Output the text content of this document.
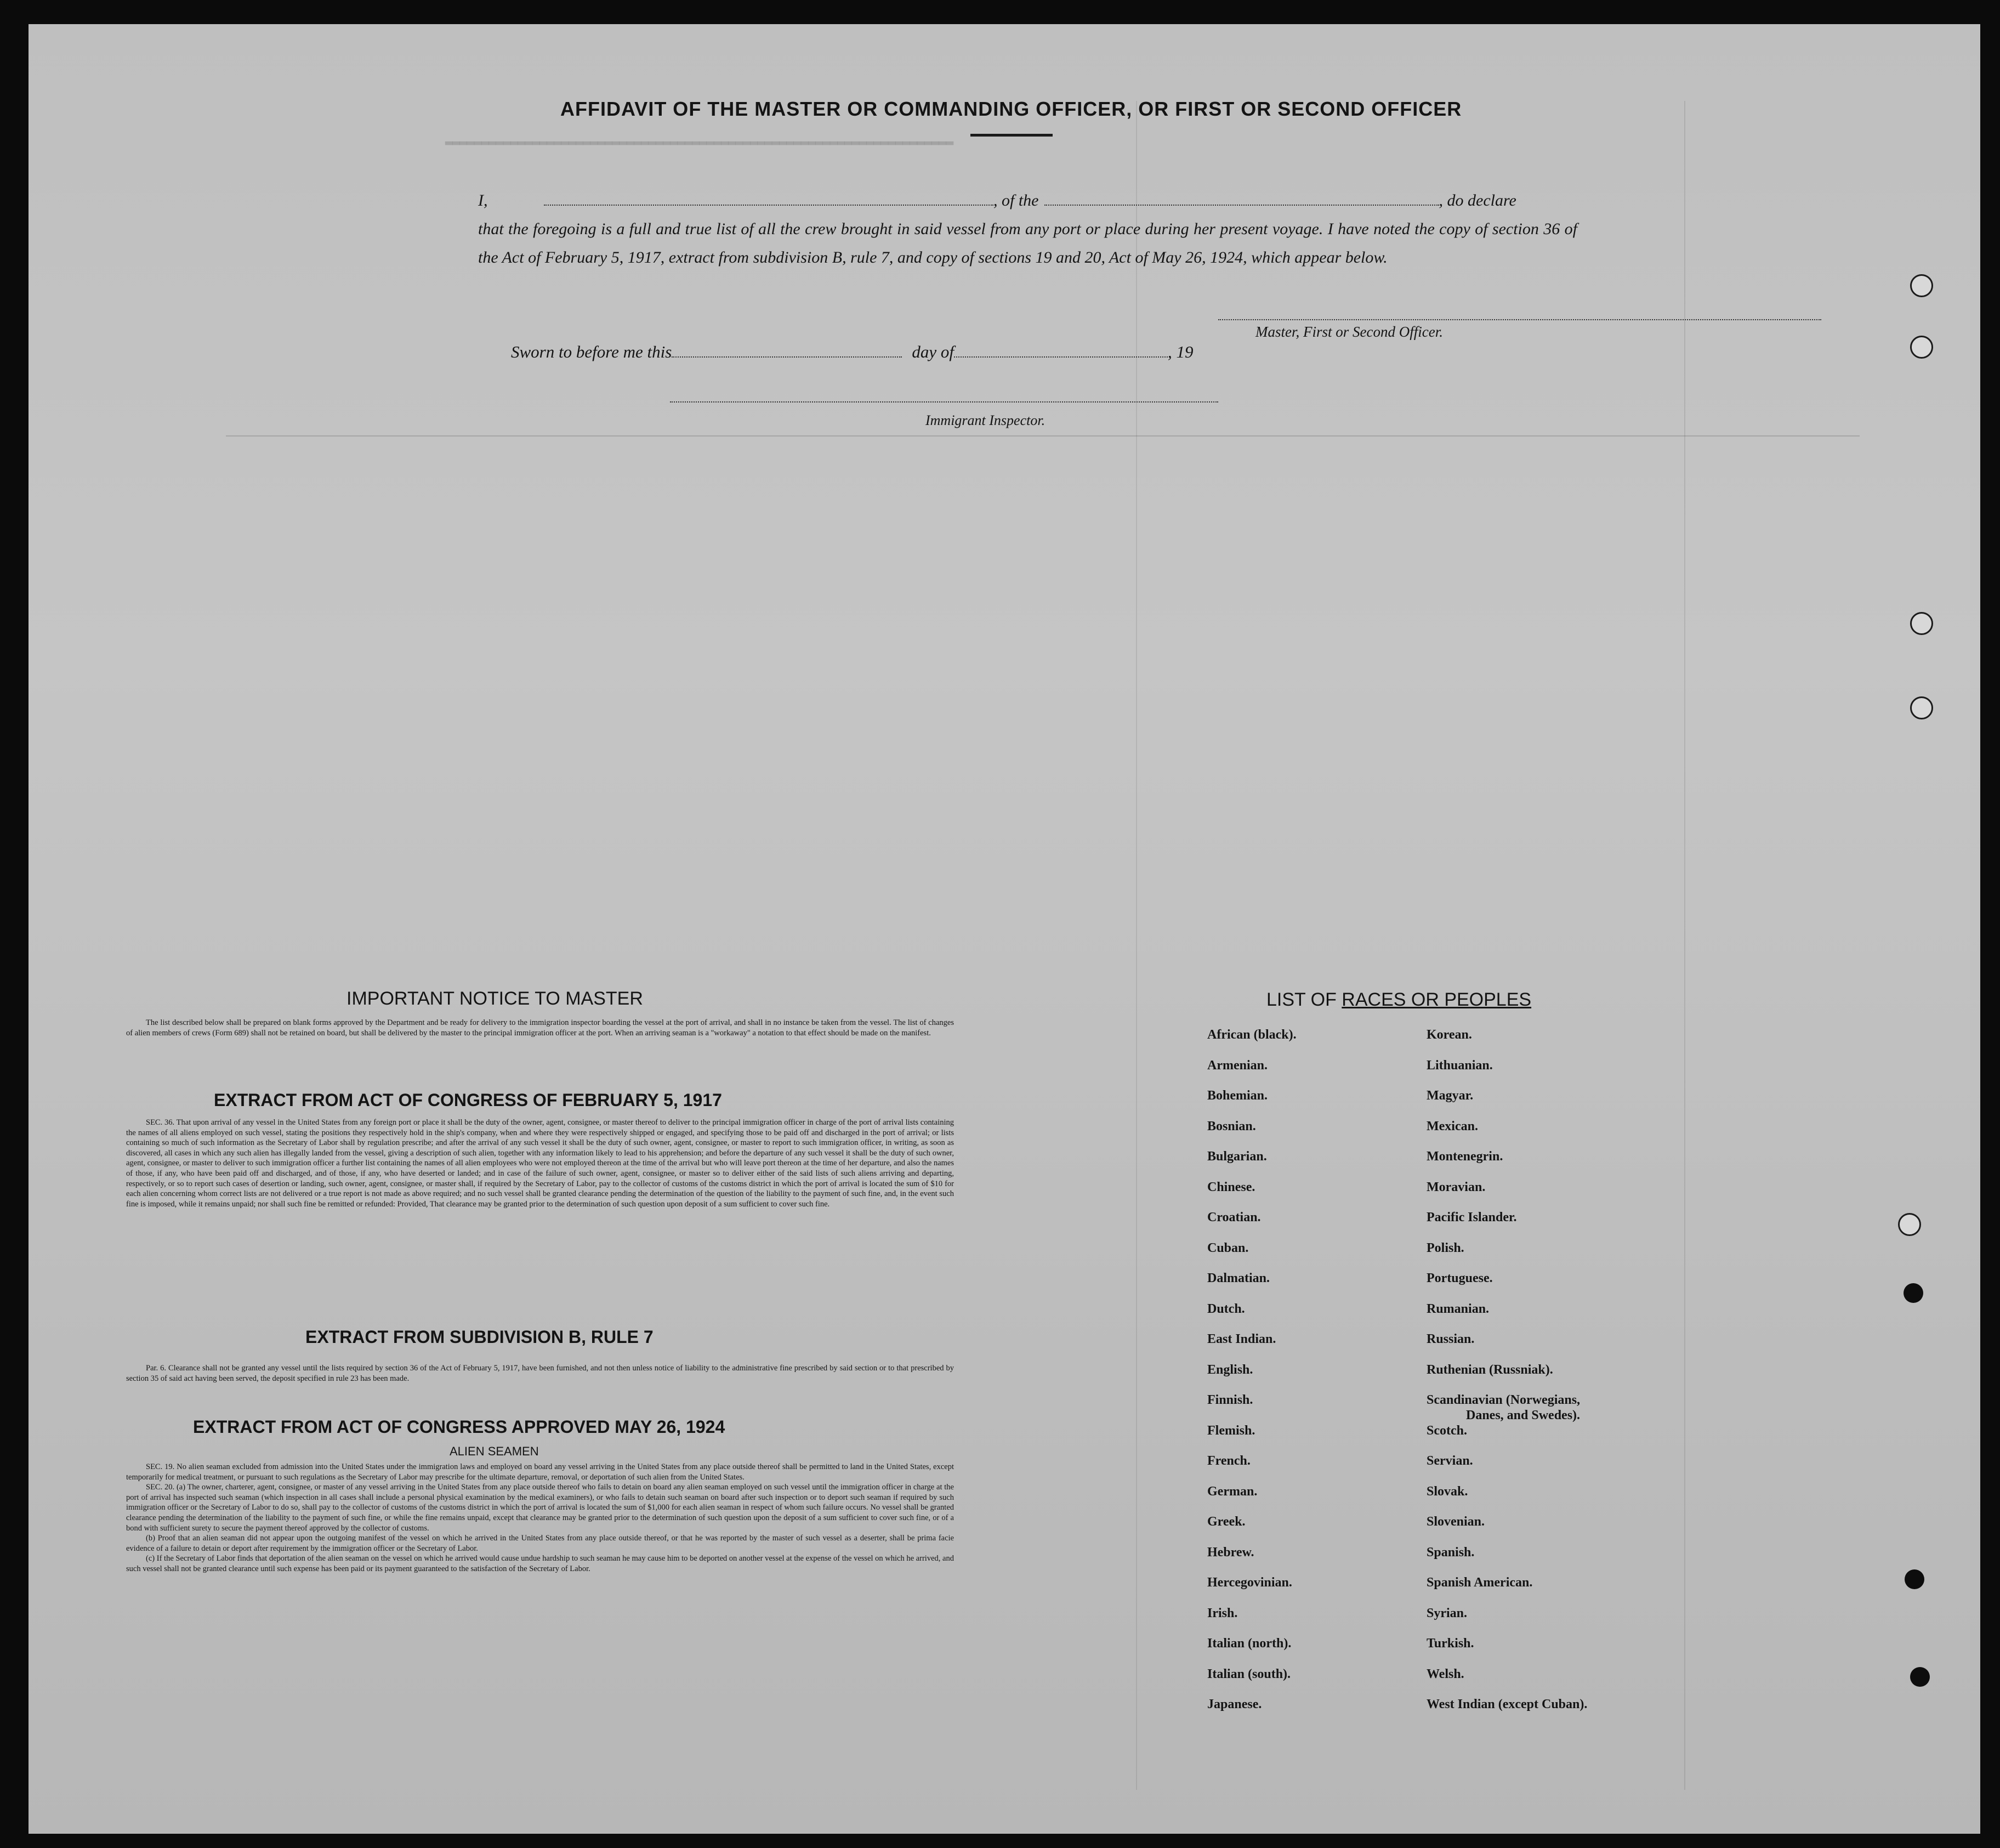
▂▂▂▂▂▂▂▂▂▂▂▂▂▂▂▂▂▂▂▂▂▂▂▂▂▂▂▂▂▂▂▂▂▂▂▂▂▂▂▂▂▂▂▂▂▂▂▂▂▂▂▂▂▂▂▂▂▂▂▂▂▂▂▂▂▂▂▂▂▂
AFFIDAVIT OF THE MASTER OR COMMANDING OFFICER, OR FIRST OR SECOND OFFICER
I,	, of the	, do declare
that the foregoing is a full and true list of all the crew brought in said vessel from any port or place during her present voyage. I have noted the copy of section 36 of the Act of February 5, 1917, extract from subdivision B, rule 7, and copy of sections 19 and 20, Act of May 26, 1924, which appear below.
Master, First or Second Officer.
Sworn to before me this	day of	, 19
Immigrant Inspector.
IMPORTANT NOTICE TO MASTER

The list described below shall be prepared on blank forms approved by the Department and be ready for delivery to the immigration inspector boarding the vessel at the port of arrival, and shall in no instance be taken from the vessel. The list of changes of alien members of crews (Form 689) shall not be retained on board, but shall be delivered by the master to the principal immigration officer at the port. When an arriving seaman is a "workaway" a notation to that effect should be made on the manifest.

EXTRACT FROM ACT OF CONGRESS OF FEBRUARY 5, 1917

SEC. 36. That upon arrival of any vessel in the United States from any foreign port or place it shall be the duty of the owner, agent, consignee, or master thereof to deliver to the principal immigration officer in charge of the port of arrival lists containing the names of all aliens employed on such vessel, stating the positions they respectively hold in the ship's company, when and where they were respectively shipped or engaged, and specifying those to be paid off and discharged in the port of arrival; or lists containing so much of such information as the Secretary of Labor shall by regulation prescribe; and after the arrival of any such vessel it shall be the duty of such owner, agent, consignee, or master to report to such immigration officer, in writing, as soon as discovered, all cases in which any such alien has illegally landed from the vessel, giving a description of such alien, together with any information likely to lead to his apprehension; and before the departure of any such vessel it shall be the duty of such owner, agent, consignee, or master to deliver to such immigration officer a further list containing the names of all alien employees who were not employed thereon at the time of the arrival but who will leave port thereon at the time of her departure, and also the names of those, if any, who have been paid off and discharged, and of those, if any, who have deserted or landed; and in case of the failure of such owner, agent, consignee, or master so to deliver either of the said lists of such aliens arriving and departing, respectively, or so to report such cases of desertion or landing, such owner, agent, consignee, or master shall, if required by the Secretary of Labor, pay to the collector of customs of the customs district in which the port of arrival is located the sum of $10 for each alien concerning whom correct lists are not delivered or a true report is not made as above required; and no such vessel shall be granted clearance pending the determination of the question of the liability to the payment of such fine, and, in the event such fine is imposed, while it remains unpaid; nor shall such fine be remitted or refunded: Provided, That clearance may be granted prior to the determination of such question upon deposit of a sum sufficient to cover such fine.

EXTRACT FROM SUBDIVISION B, RULE 7

Par. 6. Clearance shall not be granted any vessel until the lists required by section 36 of the Act of February 5, 1917, have been furnished, and not then unless notice of liability to the administrative fine prescribed by said section or to that prescribed by section 35 of said act having been served, the deposit specified in rule 23 has been made.

EXTRACT FROM ACT OF CONGRESS APPROVED MAY 26, 1924
ALIEN SEAMEN

SEC. 19. No alien seaman excluded from admission into the United States under the immigration laws and employed on board any vessel arriving in the United States from any place outside thereof shall be permitted to land in the United States, except temporarily for medical treatment, or pursuant to such regulations as the Secretary of Labor may prescribe for the ultimate departure, removal, or deportation of such alien from the United States.

SEC. 20. (a) The owner, charterer, agent, consignee, or master of any vessel arriving in the United States from any place outside thereof who fails to detain on board any alien seaman employed on such vessel until the immigration officer in charge at the port of arrival has inspected such seaman (which inspection in all cases shall include a personal physical examination by the medical examiners), or who fails to detain such seaman on board after such inspection or to deport such seaman if required by such immigration officer or the Secretary of Labor to do so, shall pay to the collector of customs of the customs district in which the port of arrival is located the sum of $1,000 for each alien seaman in respect of whom such failure occurs. No vessel shall be granted clearance pending the determination of the liability to the payment of such fine, or while the fine remains unpaid, except that clearance may be granted prior to the determination of such question upon the deposit of a sum sufficient to cover such fine, or of a bond with sufficient surety to secure the payment thereof approved by the collector of customs.

(b) Proof that an alien seaman did not appear upon the outgoing manifest of the vessel on which he arrived in the United States from any place outside thereof, or that he was reported by the master of such vessel as a deserter, shall be prima facie evidence of a failure to detain or deport after requirement by the immigration officer or the Secretary of Labor.

(c) If the Secretary of Labor finds that deportation of the alien seaman on the vessel on which he arrived would cause undue hardship to such seaman he may cause him to be deported on another vessel at the expense of the vessel on which he arrived, and such vessel shall not be granted clearance until such expense has been paid or its payment guaranteed to the satisfaction of the Secretary of Labor.

LIST OF RACES OR PEOPLES
African (black).
Armenian.
Bohemian.
Bosnian.
Bulgarian.
Chinese.
Croatian.
Cuban.
Dalmatian.
Dutch.
East Indian.
English.
Finnish.
Flemish.
French.
German.
Greek.
Hebrew.
Hercegovinian.
Irish.
Italian (north).
Italian (south).
Japanese.
Korean.
Lithuanian.
Magyar.
Mexican.
Montenegrin.
Moravian.
Pacific Islander.
Polish.
Portuguese.
Rumanian.
Russian.
Ruthenian (Russniak).
Scandinavian (Norwegians,
Danes, and Swedes).
Scotch.
Servian.
Slovak.
Slovenian.
Spanish.
Spanish American.
Syrian.
Turkish.
Welsh.
West Indian (except Cuban).
